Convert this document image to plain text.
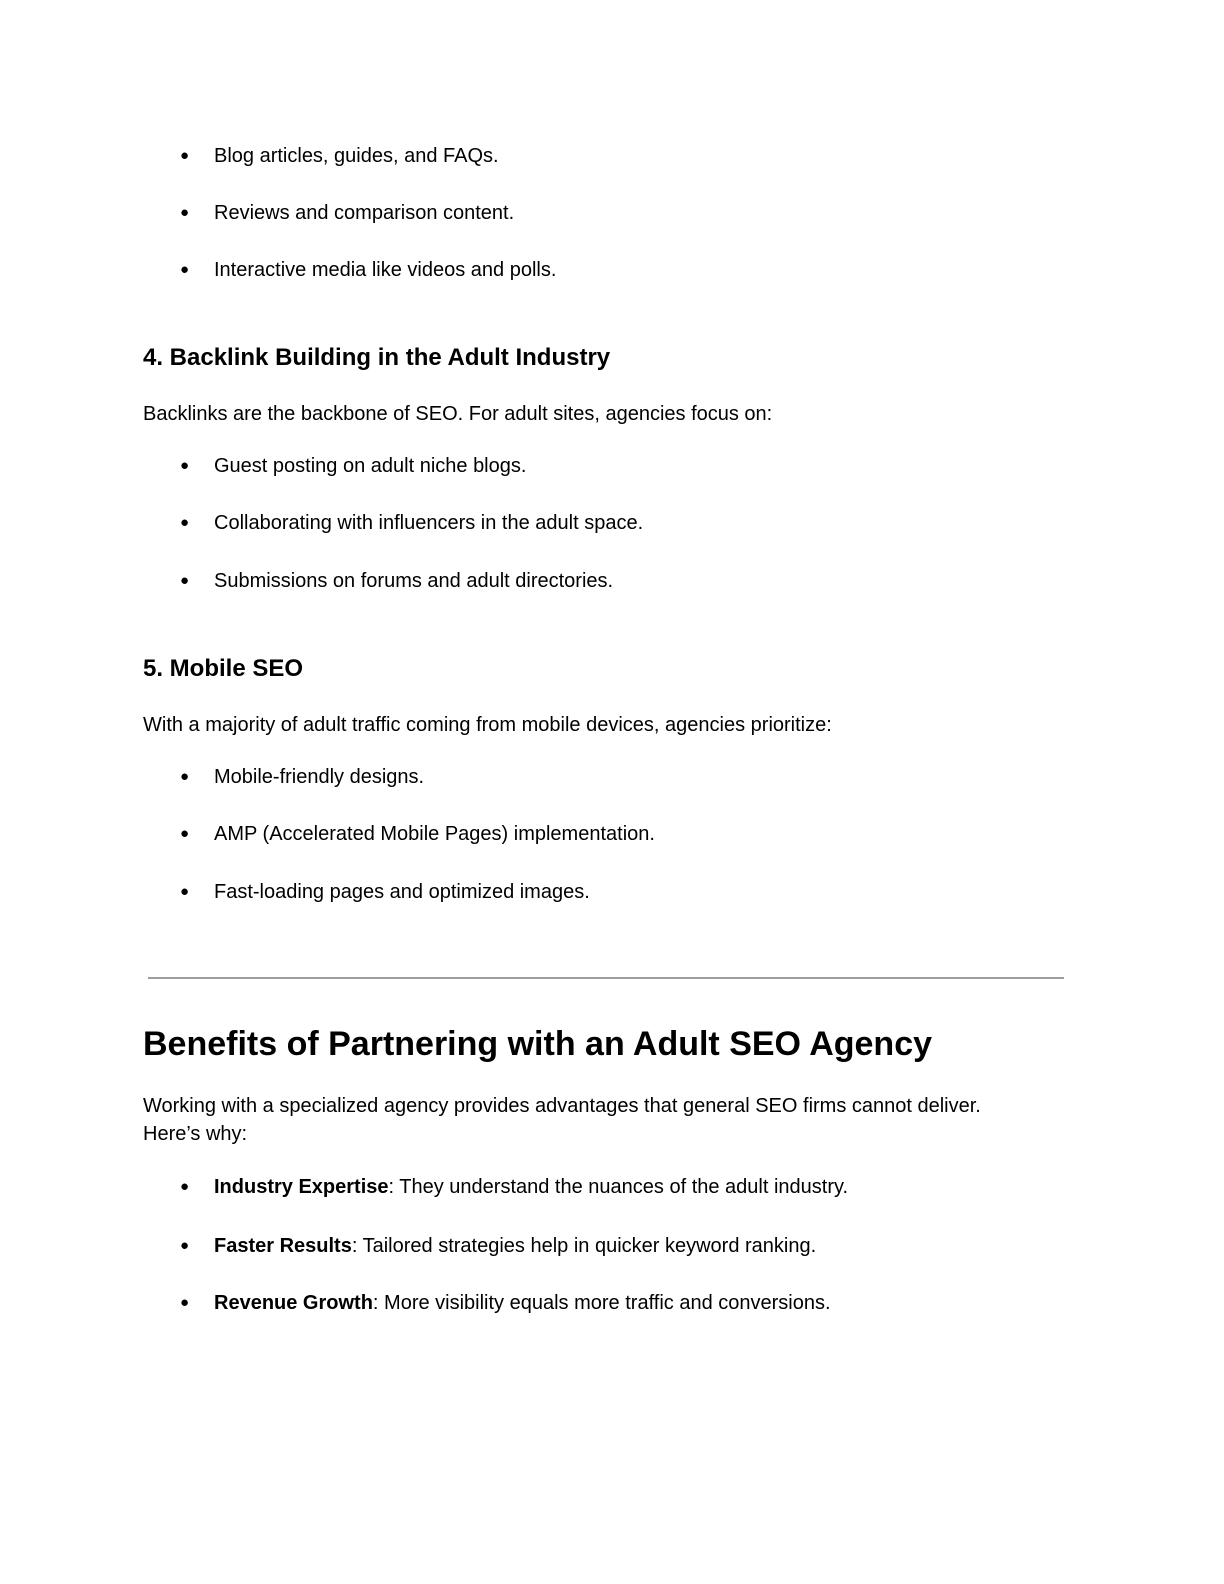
● Blog articles, guides, and FAQs.
● Reviews and comparison content.
● Interactive media like videos and polls.
4. Backlink Building in the Adult Industry
Backlinks are the backbone of SEO. For adult sites, agencies focus on:
● Guest posting on adult niche blogs.
● Collaborating with influencers in the adult space.
● Submissions on forums and adult directories.
5. Mobile SEO
With a majority of adult traffic coming from mobile devices, agencies prioritize:
● Mobile-friendly designs.
● AMP (Accelerated Mobile Pages) implementation.
● Fast-loading pages and optimized images.
Benefits of Partnering with an Adult SEO Agency
Working with a specialized agency provides advantages that general SEO firms cannot deliver.
Here’s why:
● Industry Expertise: They understand the nuances of the adult industry.
● Faster Results: Tailored strategies help in quicker keyword ranking.
● Revenue Growth: More visibility equals more traffic and conversions.
